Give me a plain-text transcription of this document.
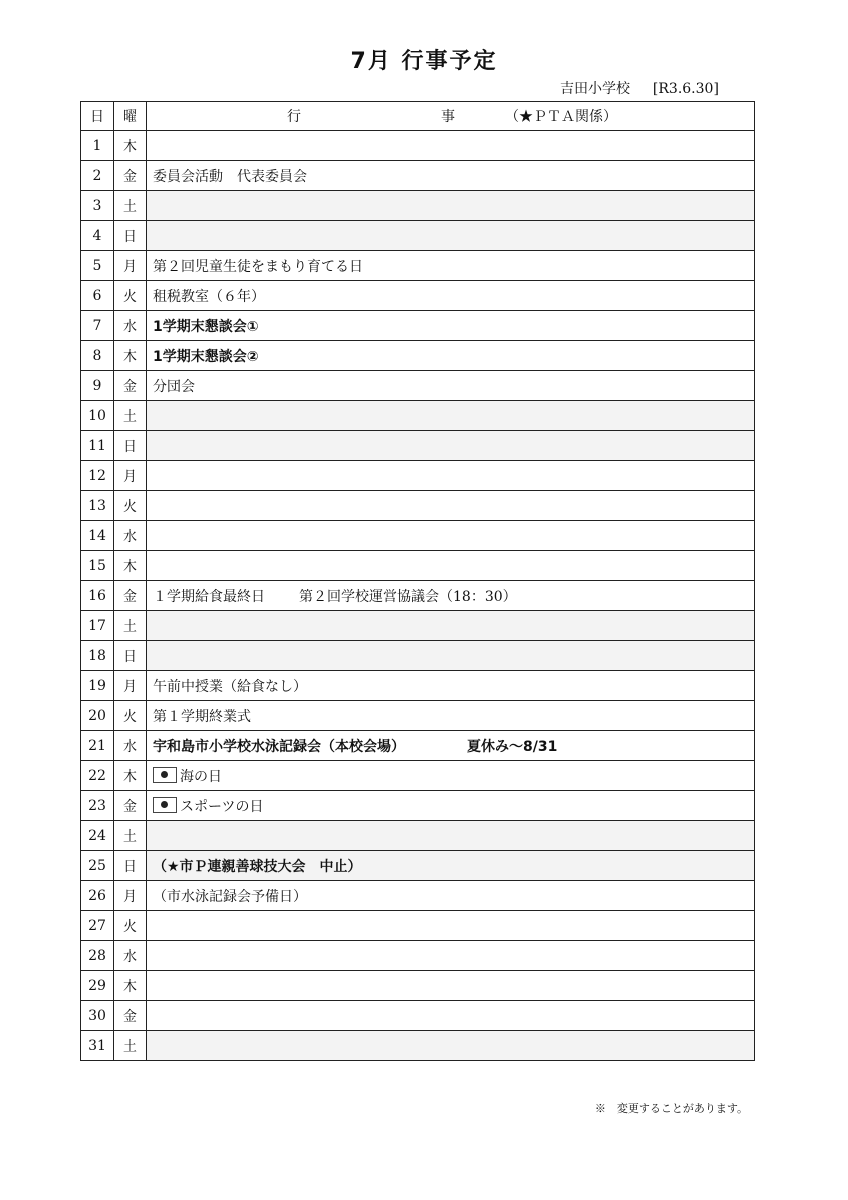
7月 行事予定
吉田小学校 [R3.6.30]
日	曜	行 事 （★ＰＴＡ関係）
1	木	
2	金	委員会活動　代表委員会
3	土	
4	日	
5	月	第２回児童生徒をまもり育てる日
6	火	租税教室（６年）
7	水	1学期末懇談会①
8	木	1学期末懇談会②
9	金	分団会
10	土	
11	日	
12	月	
13	火	
14	水	
15	木	
16	金	１学期給食最終日 第２回学校運営協議会（18：30）
17	土	
18	日	
19	月	午前中授業（給食なし）
20	火	第１学期終業式
21	水	宇和島市小学校水泳記録会（本校会場） 夏休み～8/31
22	木	海の日
23	金	スポーツの日
24	土	
25	日	（★市Ｐ連親善球技大会　中止）
26	月	（市水泳記録会予備日）
27	火	
28	水	
29	木	
30	金	
31	土	
※　変更することがあります。
